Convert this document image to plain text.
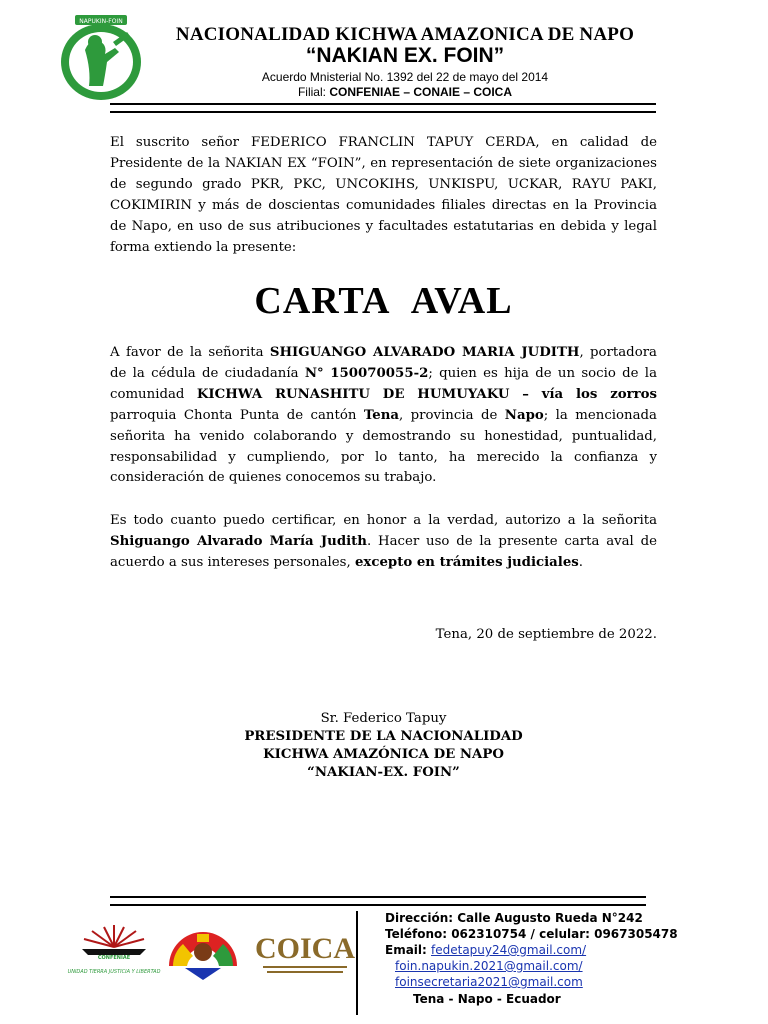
NAPUKIN-FOIN
NACIONALIDAD KICHWA AMAZONICA DE NAPO
“NAKIAN EX. FOIN”
Acuerdo Mnisterial No. 1392 del 22 de mayo del 2014
Filial: CONFENIAE – CONAIE – COICA
El suscrito señor FEDERICO FRANCLIN TAPUY CERDA, en calidad de Presidente de la NAKIAN EX “FOIN”, en representación de siete organizaciones de segundo grado PKR, PKC, UNCOKIHS, UNKISPU, UCKAR, RAYU PAKI, COKIMIRIN y más de doscientas comunidades filiales directas en la Provincia de Napo, en uso de sus atribuciones y facultades estatutarias en debida y legal forma extiendo la presente:
CARTA AVAL
A favor de la señorita SHIGUANGO ALVARADO MARIA JUDITH, portadora de la cédula de ciudadanía N° 150070055-2; quien es hija de un socio de la comunidad KICHWA RUNASHITU DE HUMUYAKU – vía los zorros parroquia Chonta Punta de cantón Tena, provincia de Napo; la mencionada señorita ha venido colaborando y demostrando su honestidad, puntualidad, responsabilidad y cumpliendo, por lo tanto, ha merecido la confianza y consideración de quienes conocemos su trabajo.
Es todo cuanto puedo certificar, en honor a la verdad, autorizo a la señorita Shiguango Alvarado María Judith. Hacer uso de la presente carta aval de acuerdo a sus intereses personales, excepto en trámites judiciales.
Tena, 20 de septiembre de 2022.
Sr. Federico Tapuy
PRESIDENTE DE LA NACIONALIDAD
KICHWA AMAZÓNICA DE NAPO
“NAKIAN-EX. FOIN”
CONFENIAE
UNIDAD TIERRA JUSTICIA Y LIBERTAD
COICA
Dirección: Calle Augusto Rueda N°242
Teléfono: 062310754 / celular: 0967305478
Email: fedetapuy24@gmail.com/
foin.napukin.2021@gmail.com/
foinsecretaria2021@gmail.com
Tena - Napo - Ecuador
